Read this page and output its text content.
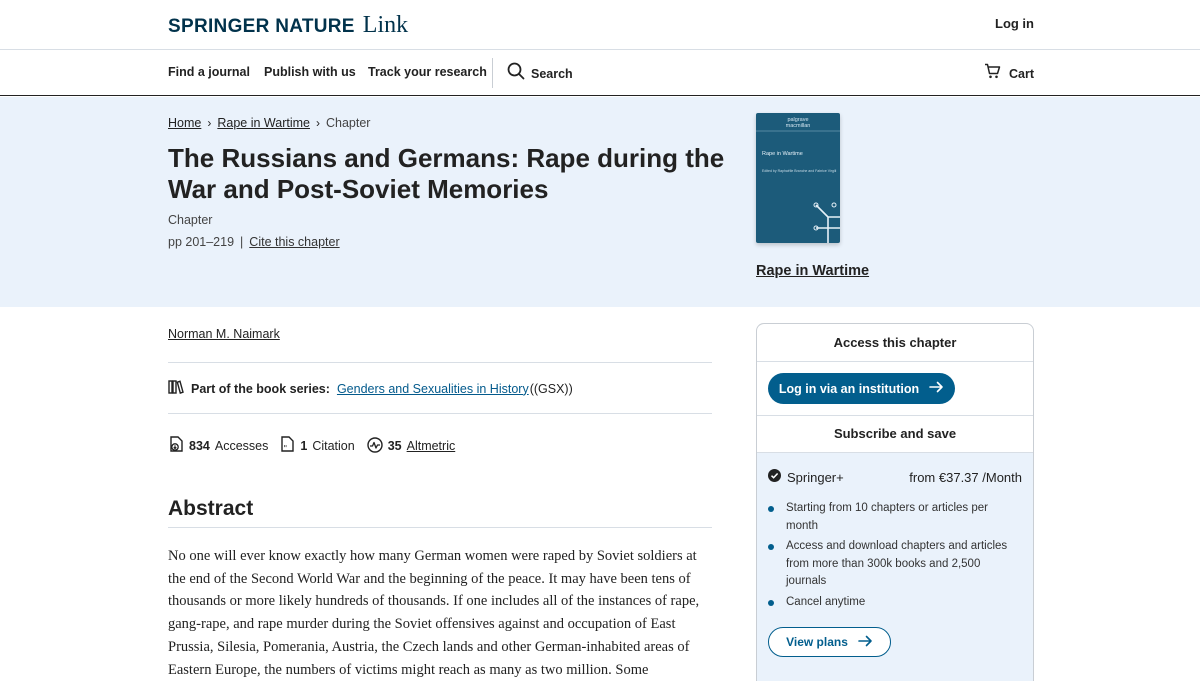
SPRINGER NATURE Link	Log in
Find a journal Publish with us Track your research	Search	Cart
Home › Rape in Wartime › Chapter
The Russians and Germans: Rape during the War and Post-Soviet Memories
Chapter
pp 201–219 | Cite this chapter
palgrave
macmillan
Rape in Wartime
Edited by Raphaëlle Branche and Fabrice Virgili
Rape in Wartime
Norman M. Naimark
Part of the book series: Genders and Sexualities in History ((GSX))
834 Accesses " 1 Citation	35 Altmetric
Abstract

No one will ever know exactly how many German women were raped by Soviet soldiers at the end of the Second World War and the beginning of the peace. It may have been tens of thousands or more likely hundreds of thousands. If one includes all of the instances of rape, gang-rape, and rape murder during the Soviet offensives against and occupation of East Prussia, Silesia, Pomerania, Austria, the Czech lands and other German-inhabited areas of Eastern Europe, the numbers of victims might reach as many as two million. Some

Access this chapter
Log in via an institution
Subscribe and save
Springer+	from €37.37 /Month
Starting from 10 chapters or articles per month
Access and download chapters and articles from more than 300k books and 2,500 journals
Cancel anytime
View plans
